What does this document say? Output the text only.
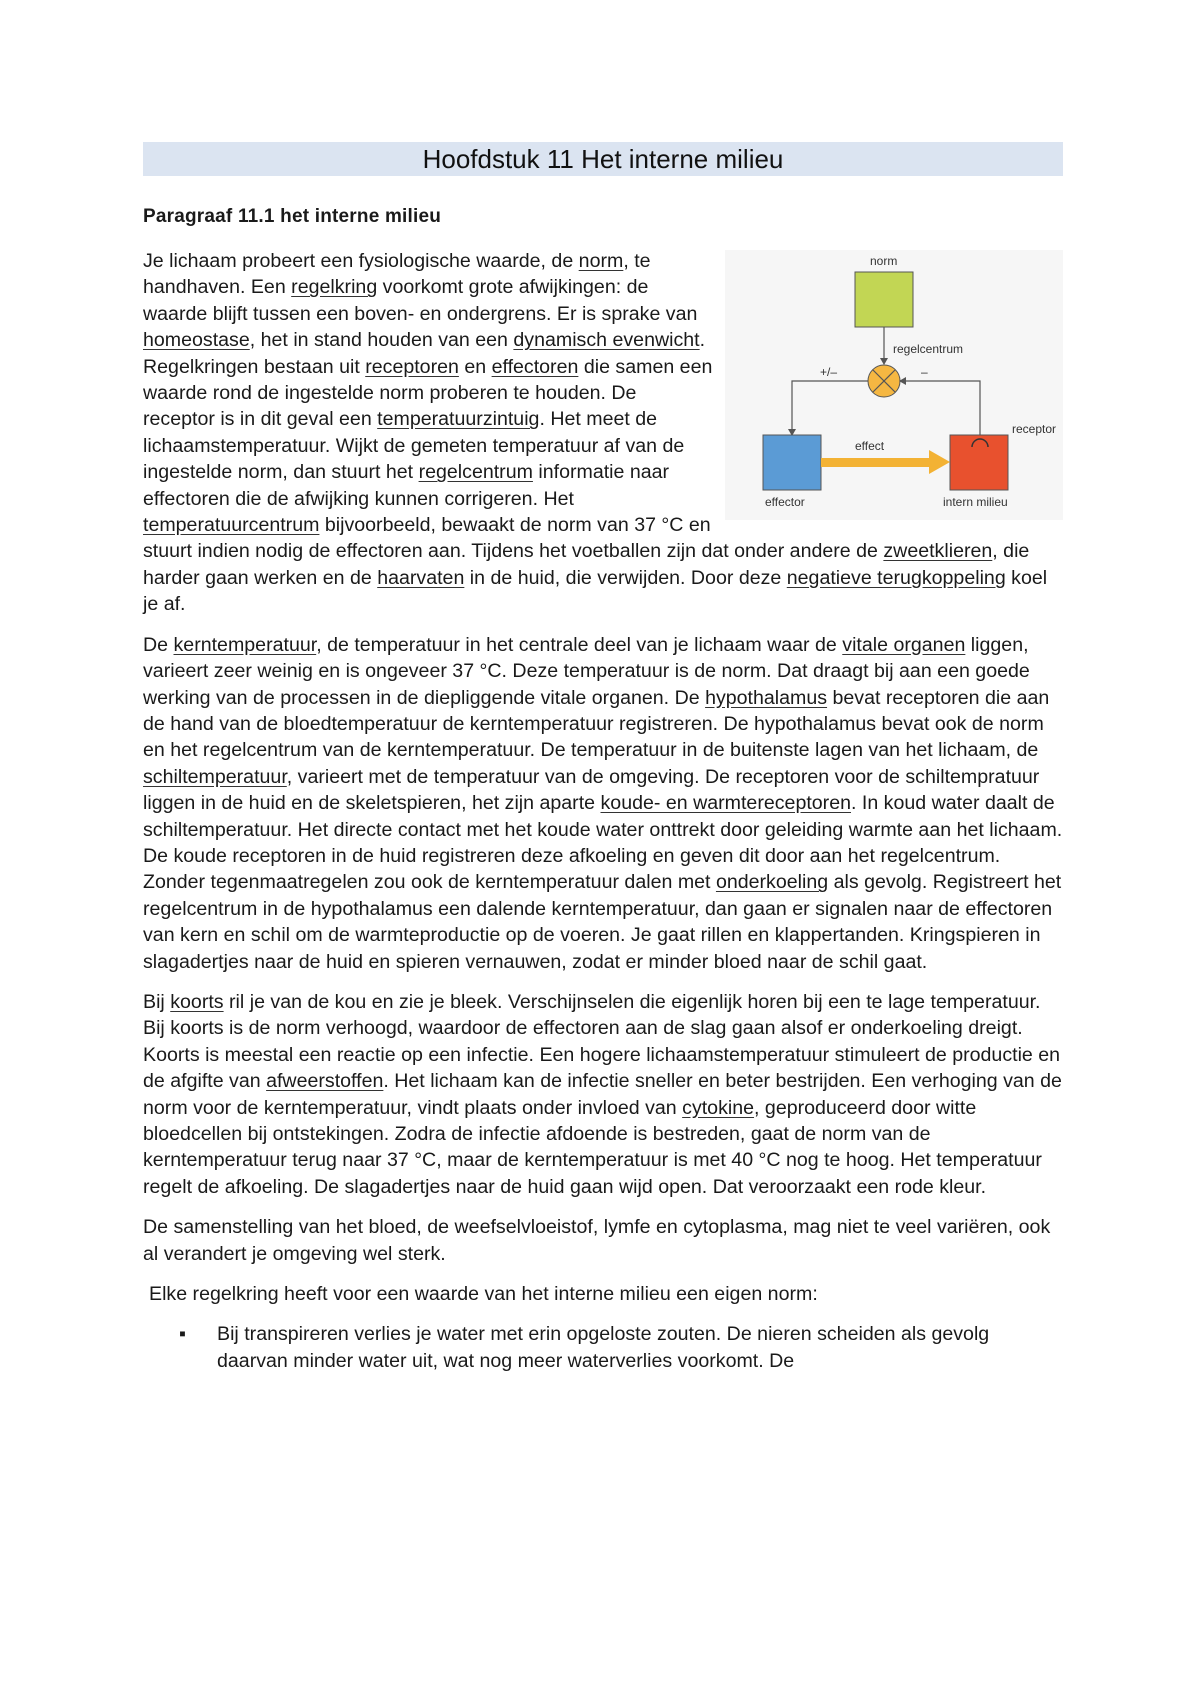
Hoofdstuk 11 Het interne milieu
Paragraaf 11.1 het interne milieu

norm
regelcentrum
+/–	–
effect
receptor
effector	intern milieu
Je lichaam probeert een fysiologische waarde, de norm, te handhaven. Een regelkring voorkomt grote afwijkingen: de waarde blijft tussen een boven- en ondergrens. Er is sprake van homeostase, het in stand houden van een dynamisch evenwicht. Regelkringen bestaan uit receptoren en effectoren die samen een waarde rond de ingestelde norm proberen te houden. De receptor is in dit geval een temperatuurzintuig. Het meet de lichaamstemperatuur. Wijkt de gemeten temperatuur af van de ingestelde norm, dan stuurt het regelcentrum informatie naar effectoren die de afwijking kunnen corrigeren. Het temperatuurcentrum bijvoorbeeld, bewaakt de norm van 37 °C en stuurt indien nodig de effectoren aan. Tijdens het voetballen zijn dat onder andere de zweetklieren, die harder gaan werken en de haarvaten in de huid, die verwijden. Door deze negatieve terugkoppeling koel je af.

De kerntemperatuur, de temperatuur in het centrale deel van je lichaam waar de vitale organen liggen, varieert zeer weinig en is ongeveer 37 °C. Deze temperatuur is de norm. Dat draagt bij aan een goede werking van de processen in de diepliggende vitale organen. De hypothalamus bevat receptoren die aan de hand van de bloedtemperatuur de kerntemperatuur registreren. De hypothalamus bevat ook de norm en het regelcentrum van de kerntemperatuur. De temperatuur in de buitenste lagen van het lichaam, de schiltemperatuur, varieert met de temperatuur van de omgeving. De receptoren voor de schiltempratuur liggen in de huid en de skeletspieren, het zijn aparte koude- en warmtereceptoren. In koud water daalt de schiltemperatuur. Het directe contact met het koude water onttrekt door geleiding warmte aan het lichaam. De koude receptoren in de huid registreren deze afkoeling en geven dit door aan het regelcentrum. Zonder tegenmaatregelen zou ook de kerntemperatuur dalen met onderkoeling als gevolg. Registreert het regelcentrum in de hypothalamus een dalende kerntemperatuur, dan gaan er signalen naar de effectoren van kern en schil om de warmteproductie op de voeren. Je gaat rillen en klappertanden. Kringspieren in slagadertjes naar de huid en spieren vernauwen, zodat er minder bloed naar de schil gaat.

Bij koorts ril je van de kou en zie je bleek. Verschijnselen die eigenlijk horen bij een te lage temperatuur. Bij koorts is de norm verhoogd, waardoor de effectoren aan de slag gaan alsof er onderkoeling dreigt. Koorts is meestal een reactie op een infectie. Een hogere lichaamstemperatuur stimuleert de productie en de afgifte van afweerstoffen. Het lichaam kan de infectie sneller en beter bestrijden. Een verhoging van de norm voor de kerntemperatuur, vindt plaats onder invloed van cytokine, geproduceerd door witte bloedcellen bij ontstekingen. Zodra de infectie afdoende is bestreden, gaat de norm van de kerntemperatuur terug naar 37 °C, maar de kerntemperatuur is met 40 °C nog te hoog. Het temperatuur regelt de afkoeling. De slagadertjes naar de huid gaan wijd open. Dat veroorzaakt een rode kleur.

De samenstelling van het bloed, de weefselvloeistof, lymfe en cytoplasma, mag niet te veel variëren, ook al verandert je omgeving wel sterk.

Elke regelkring heeft voor een waarde van het interne milieu een eigen norm:

▪ Bij transpireren verlies je water met erin opgeloste zouten. De nieren scheiden als gevolg daarvan minder water uit, wat nog meer waterverlies voorkomt. De
